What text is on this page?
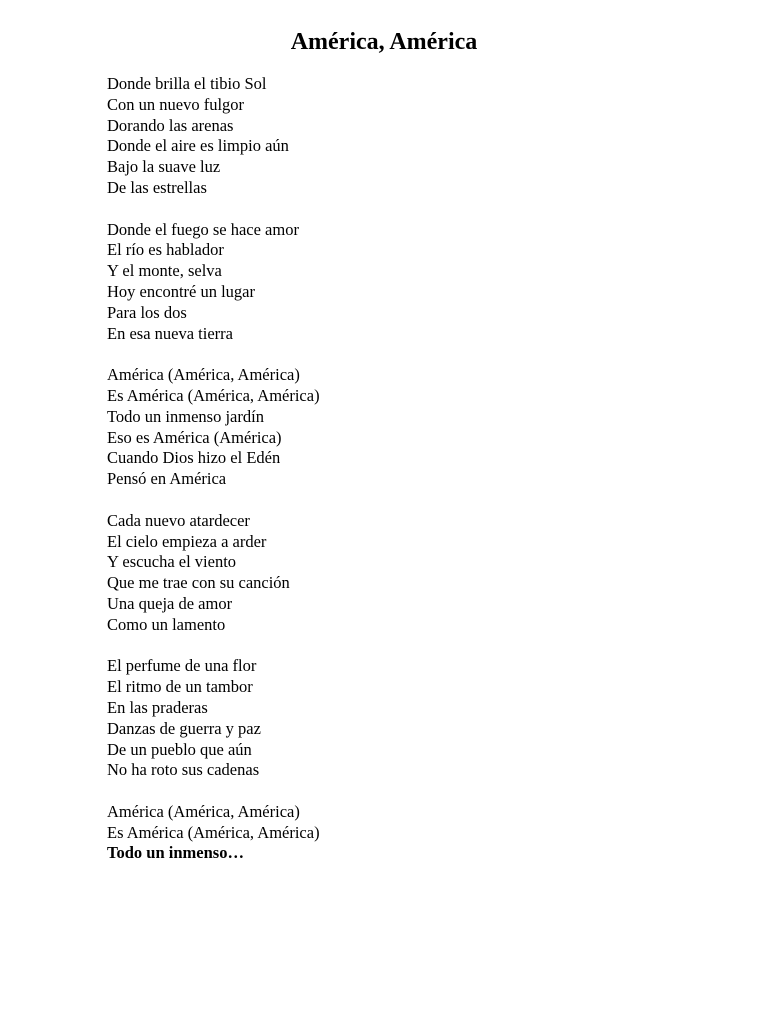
América, América
Donde brilla el tibio Sol
Con un nuevo fulgor
Dorando las arenas
Donde el aire es limpio aún
Bajo la suave luz
De las estrellas
Donde el fuego se hace amor
El río es hablador
Y el monte, selva
Hoy encontré un lugar
Para los dos
En esa nueva tierra
América (América, América)
Es América (América, América)
Todo un inmenso jardín
Eso es América (América)
Cuando Dios hizo el Edén
Pensó en América
Cada nuevo atardecer
El cielo empieza a arder
Y escucha el viento
Que me trae con su canción
Una queja de amor
Como un lamento
El perfume de una flor
El ritmo de un tambor
En las praderas
Danzas de guerra y paz
De un pueblo que aún
No ha roto sus cadenas
América (América, América)
Es América (América, América)
Todo un inmenso…
